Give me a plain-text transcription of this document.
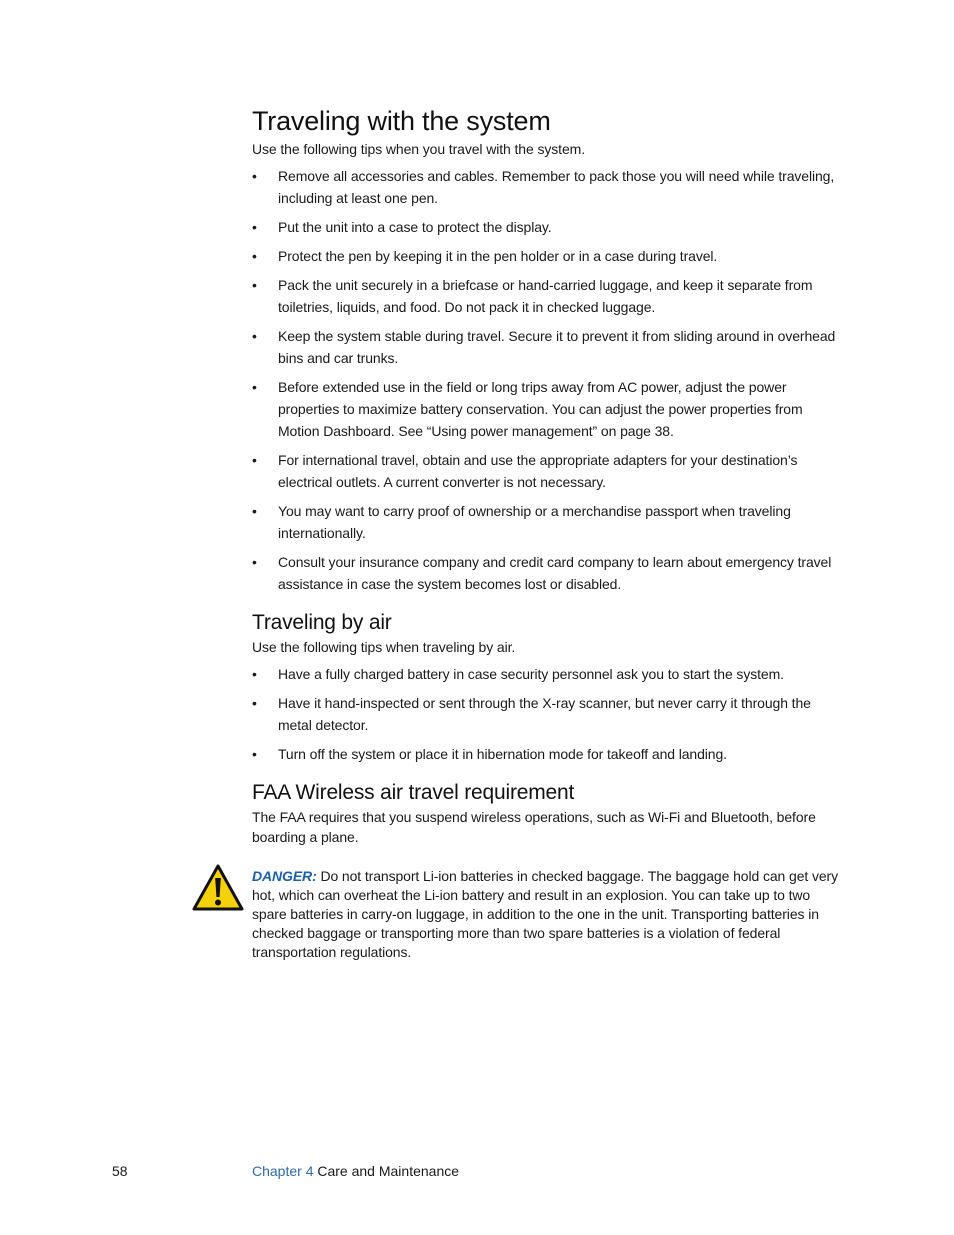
Traveling with the system

Use the following tips when you travel with the system.

• Remove all accessories and cables. Remember to pack those you will need while traveling, including at least one pen.
• Put the unit into a case to protect the display.
• Protect the pen by keeping it in the pen holder or in a case during travel.
• Pack the unit securely in a briefcase or hand-carried luggage, and keep it separate from toiletries, liquids, and food. Do not pack it in checked luggage.
• Keep the system stable during travel. Secure it to prevent it from sliding around in overhead bins and car trunks.
• Before extended use in the field or long trips away from AC power, adjust the power properties to maximize battery conservation. You can adjust the power properties from Motion Dashboard. See “Using power management” on page 38.
• For international travel, obtain and use the appropriate adapters for your destination’s electrical outlets. A current converter is not necessary.
• You may want to carry proof of ownership or a merchandise passport when traveling internationally.
• Consult your insurance company and credit card company to learn about emergency travel assistance in case the system becomes lost or disabled.
Traveling by air

Use the following tips when traveling by air.

• Have a fully charged battery in case security personnel ask you to start the system.
• Have it hand-inspected or sent through the X-ray scanner, but never carry it through the metal detector.
• Turn off the system or place it in hibernation mode for takeoff and landing.
FAA Wireless air travel requirement

The FAA requires that you suspend wireless operations, such as Wi-Fi and Bluetooth, before boarding a plane.

DANGER: Do not transport Li-ion batteries in checked baggage. The baggage hold can get very hot, which can overheat the Li-ion battery and result in an explosion. You can take up to two spare batteries in carry-on luggage, in addition to the one in the unit. Transporting batteries in checked baggage or transporting more than two spare batteries is a violation of federal transportation regulations.

58	Chapter 4 Care and Maintenance
